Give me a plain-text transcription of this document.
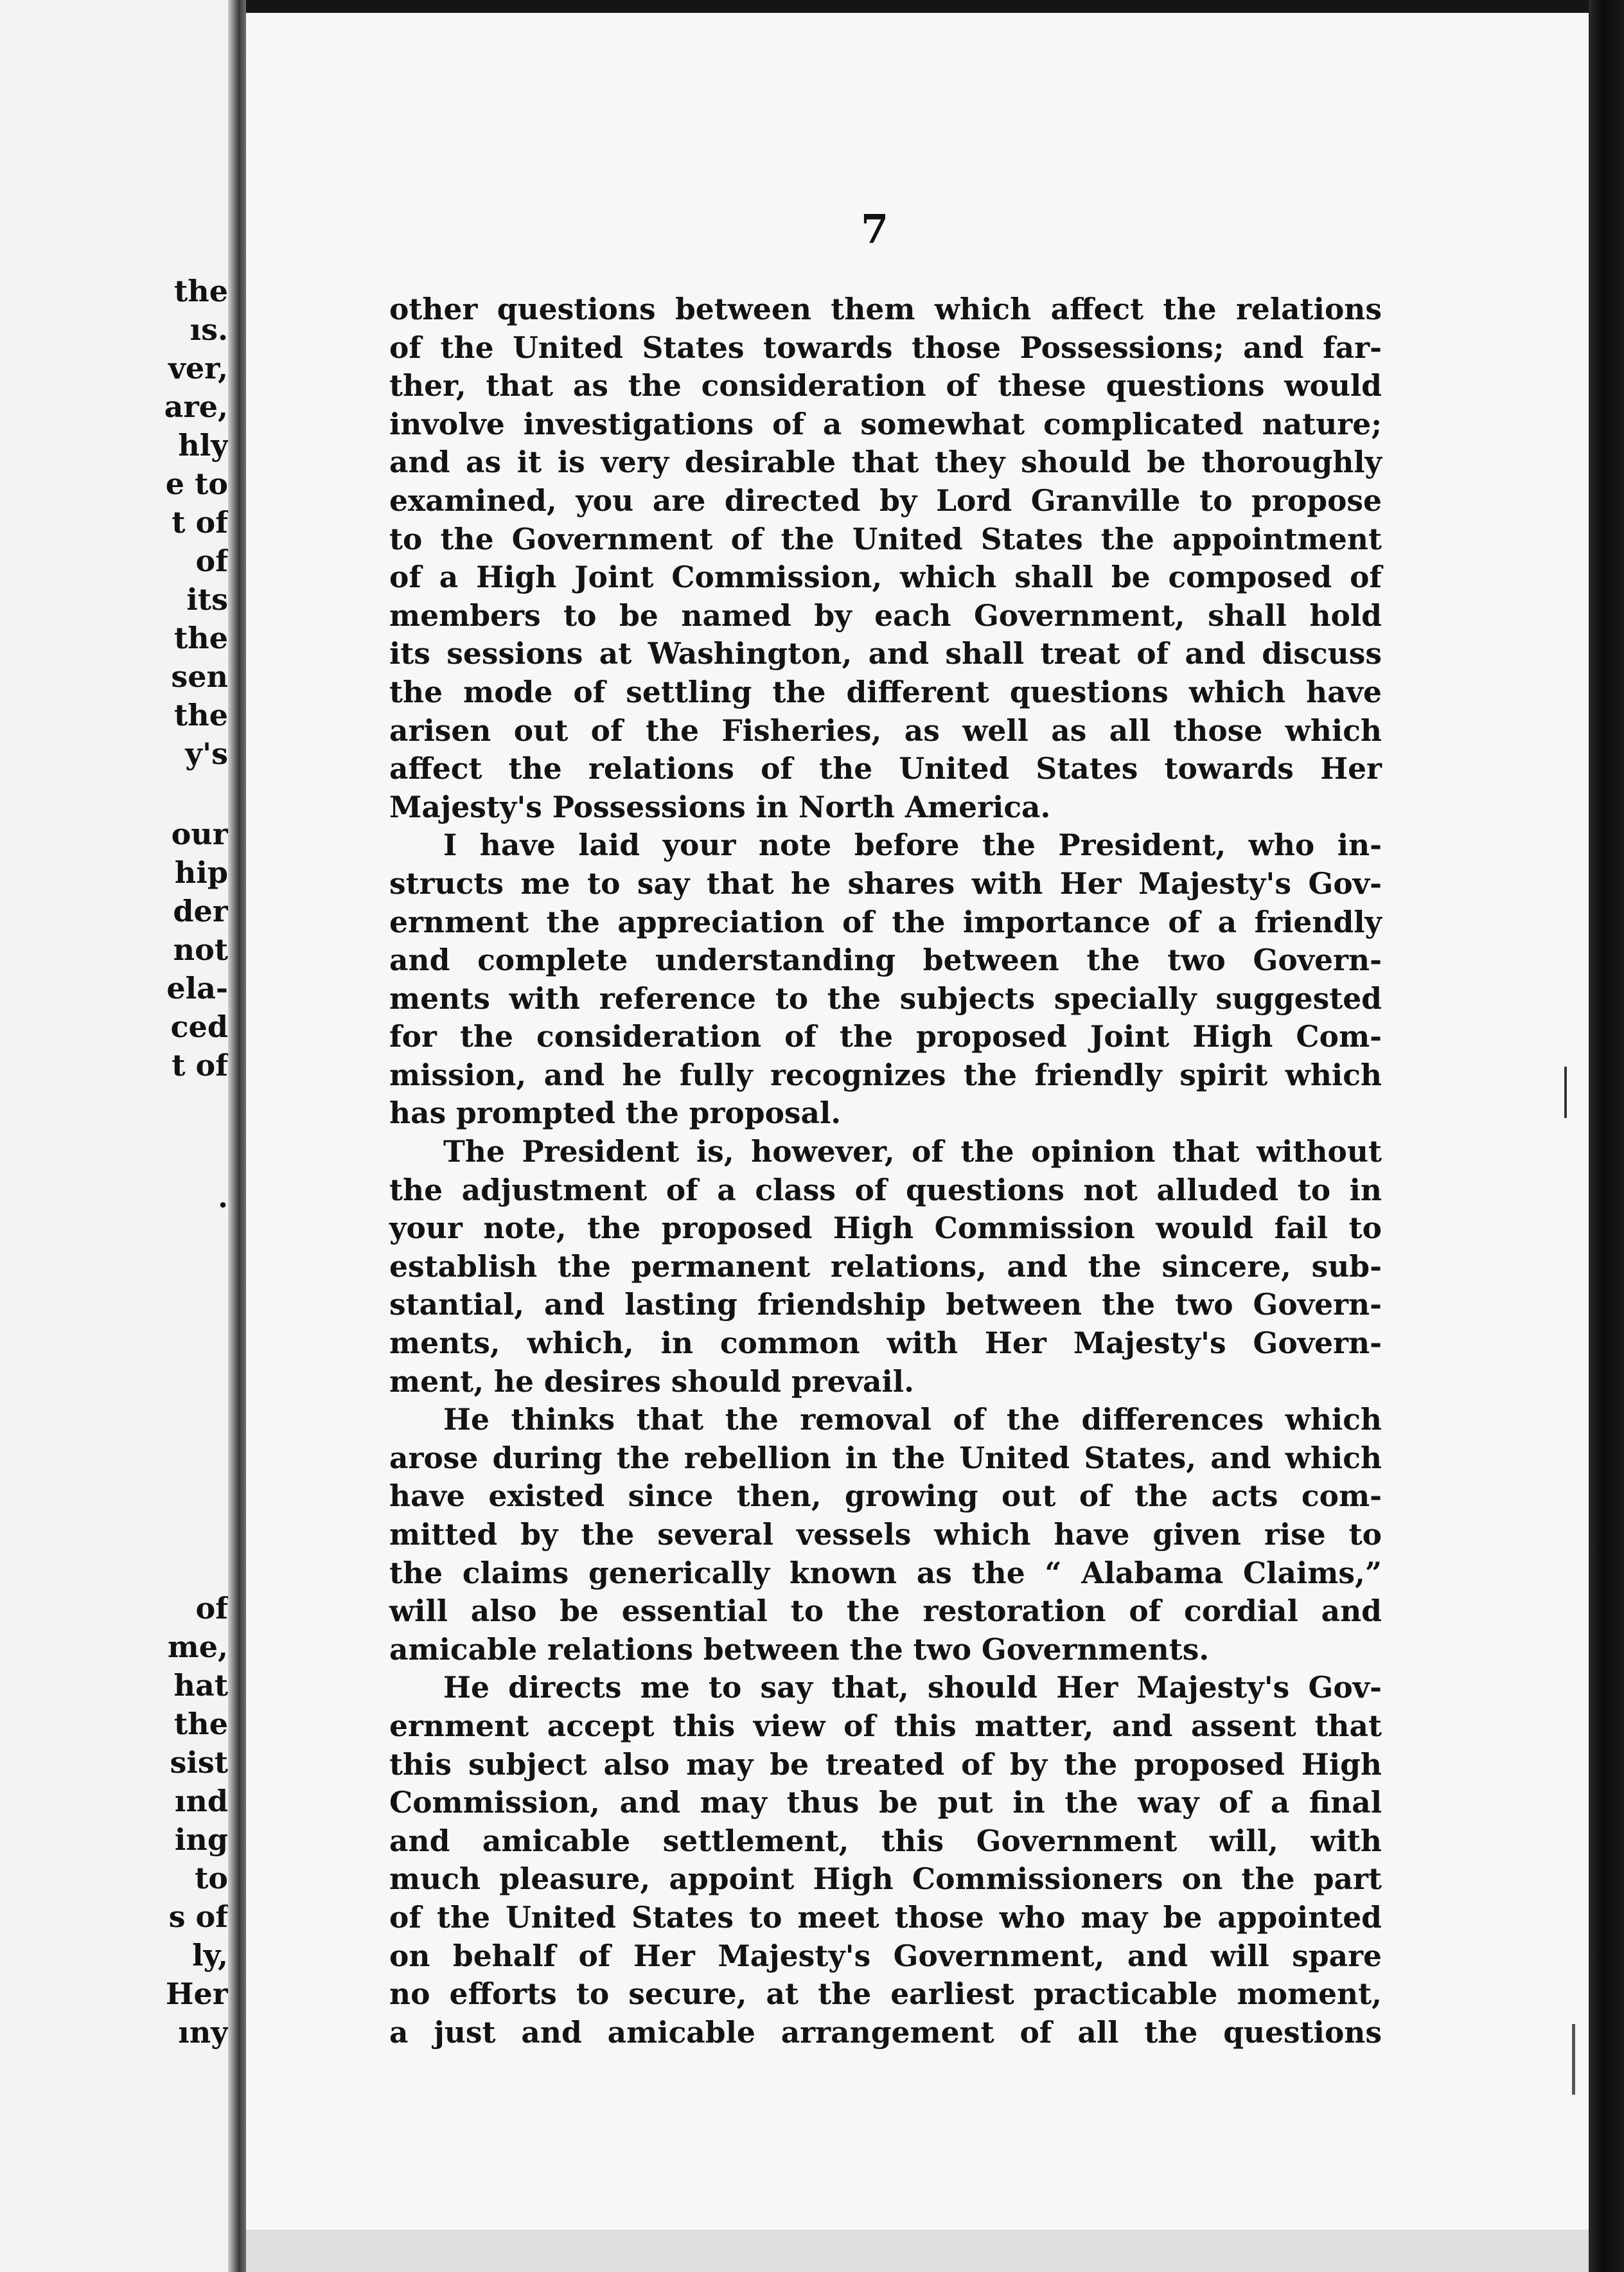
the
ıs.
ver,
are,
hly
e to
t of
of
its
the
sen
the
y's
our
hip
der
not
ela-
ced
t of
.
of
me,
hat
the
sist
ınd
ing
to
s of
ly,
Her
ıny
7
other questions between them which affect the relations
of the United States towards those Possessions; and far-
ther, that as the consideration of these questions would
involve investigations of a somewhat complicated nature;
and as it is very desirable that they should be thoroughly
examined, you are directed by Lord Granville to propose
to the Government of the United States the appointment
of a High Joint Commission, which shall be composed of
members to be named by each Government, shall hold
its sessions at Washington, and shall treat of and discuss
the mode of settling the different questions which have
arisen out of the Fisheries, as well as all those which
affect the relations of the United States towards Her
Majesty's Possessions in North America.
I have laid your note before the President, who in-
structs me to say that he shares with Her Majesty's Gov-
ernment the appreciation of the importance of a friendly
and complete understanding between the two Govern-
ments with reference to the subjects specially suggested
for the consideration of the proposed Joint High Com-
mission, and he fully recognizes the friendly spirit which
has prompted the proposal.
The President is, however, of the opinion that without
the adjustment of a class of questions not alluded to in
your note, the proposed High Commission would fail to
establish the permanent relations, and the sincere, sub-
stantial, and lasting friendship between the two Govern-
ments, which, in common with Her Majesty's Govern-
ment, he desires should prevail.
He thinks that the removal of the differences which
arose during the rebellion in the United States, and which
have existed since then, growing out of the acts com-
mitted by the several vessels which have given rise to
the claims generically known as the “ Alabama Claims,”
will also be essential to the restoration of cordial and
amicable relations between the two Governments.
He directs me to say that, should Her Majesty's Gov-
ernment accept this view of this matter, and assent that
this subject also may be treated of by the proposed High
Commission, and may thus be put in the way of a final
and amicable settlement, this Government will, with
much pleasure, appoint High Commissioners on the part
of the United States to meet those who may be appointed
on behalf of Her Majesty's Government, and will spare
no efforts to secure, at the earliest practicable moment,
a just and amicable arrangement of all the questions
